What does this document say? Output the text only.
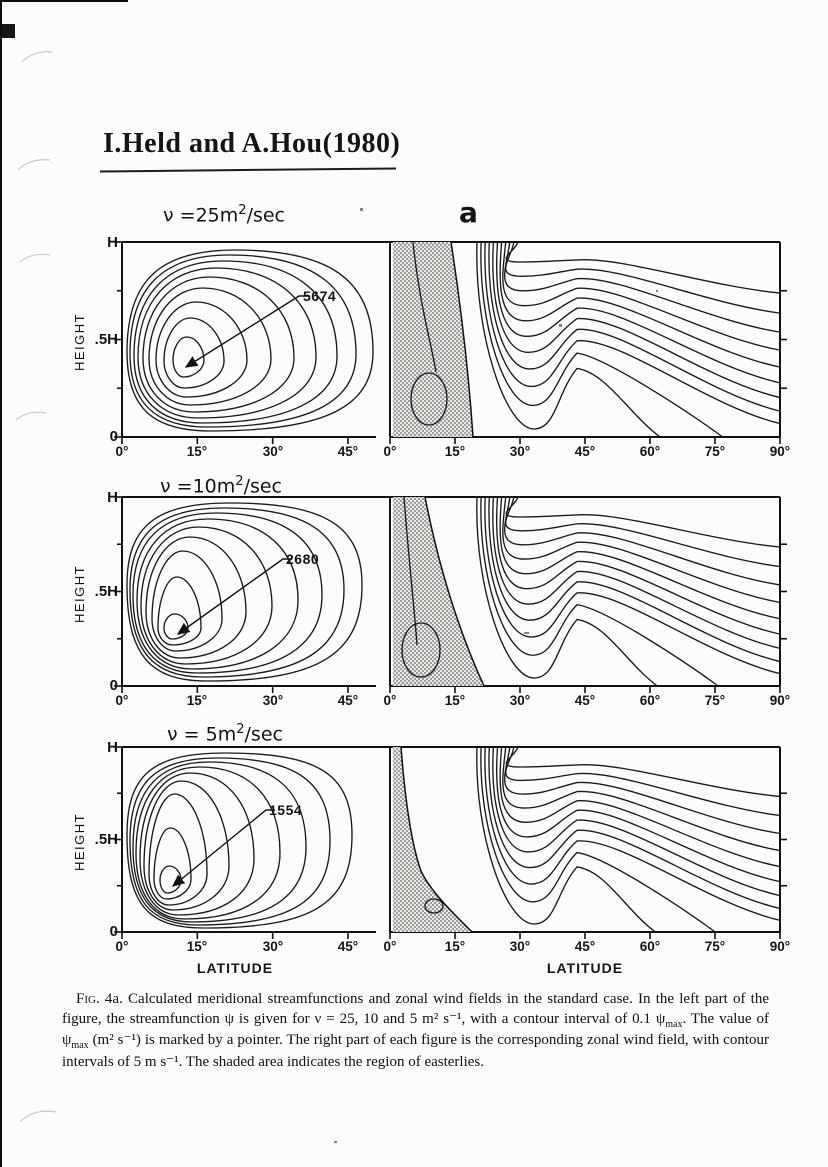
I.Held and A.Hou(1980)
$\nu =25m^2/\sec$	a
H
.5H
0
HEIGHT
5674
0°	15°	30°	45°	0°	15°	30°	45°	60°	75°	90°
$\nu =10m^2/\sec$
H
.5H
0
HEIGHT
2680
0°	15°	30°	45°	0°	15°	30°	45°	60°	75°	90°
$\nu = 5m^2/\sec$
H
.5H
0
HEIGHT
1554
0°	15°	30°	45°	0°	15°	30°	45°	60°	75°	90°
LATITUDE	LATITUDE

Fig. 4a. Calculated meridional streamfunctions and zonal wind fields in the standard case. In the left part of the figure, the streamfunction ψ is given for ν = 25, 10 and 5 m² s⁻¹, with a contour interval of 0.1 $\psi_{max}$. The value of $\psi_{max}$ (m² s⁻¹) is marked by a pointer. The right part of each figure is the corresponding zonal wind field, with contour intervals of 5 m s⁻¹. The shaded area indicates the region of easterlies.
